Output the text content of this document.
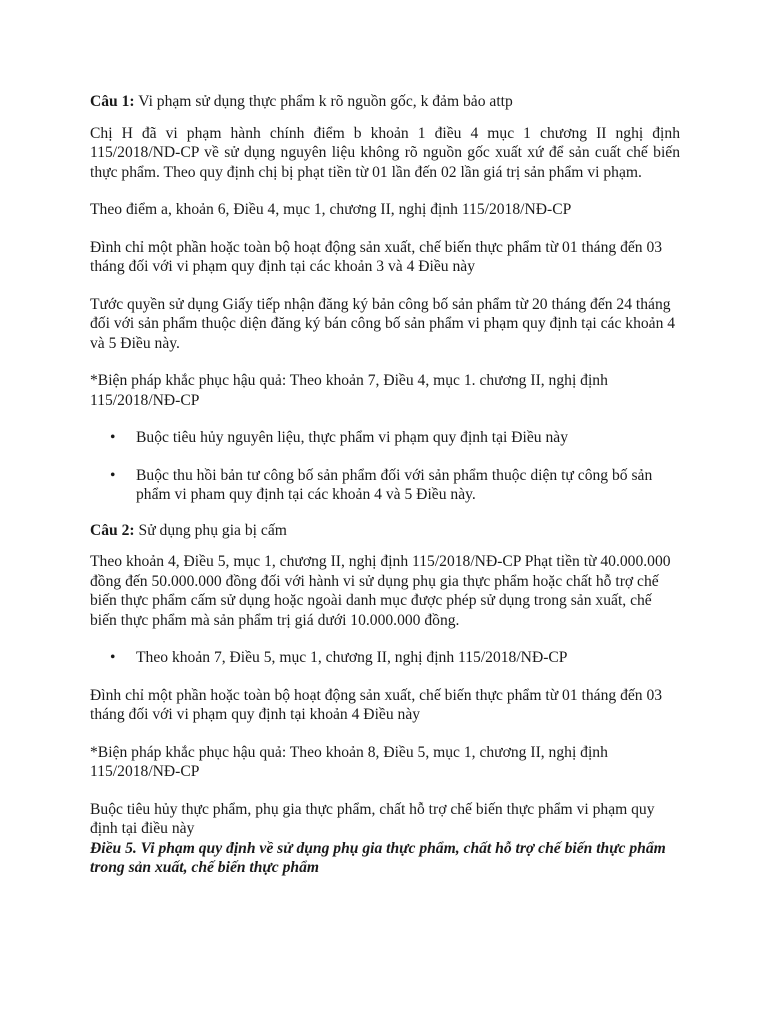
Câu 1: Vi phạm sử dụng thực phẩm k rõ nguồn gốc, k đảm bảo attp

Chị H đã vi phạm hành chính điểm b khoản 1 điều 4 mục 1 chương II nghị định 115/2018/ND-CP về sử dụng nguyên liệu không rõ nguồn gốc xuất xứ để sản cuất chế biến thực phẩm. Theo quy định chị bị phạt tiền từ 01 lần đến 02 lần giá trị sản phẩm vi phạm.

Theo điểm a, khoản 6, Điều 4, mục 1, chương II, nghị định 115/2018/NĐ-CP

Đình chỉ một phần hoặc toàn bộ hoạt động sản xuất, chế biến thực phẩm từ 01 tháng đến 03 tháng đối với vi phạm quy định tại các khoản 3 và 4 Điều này

Tước quyền sử dụng Giấy tiếp nhận đăng ký bản công bố sản phẩm từ 20 tháng đến 24 tháng đối với sản phẩm thuộc diện đăng ký bán công bố sản phẩm vi phạm quy định tại các khoản 4 và 5 Điều này.

*Biện pháp khắc phục hậu quả: Theo khoản 7, Điều 4, mục 1. chương II, nghị định 115/2018/NĐ-CP

• Buộc tiêu hủy nguyên liệu, thực phẩm vi phạm quy định tại Điều này
• Buộc thu hồi bản tư công bố sản phẩm đối với sản phẩm thuộc diện tự công bố sản phẩm vi pham quy định tại các khoản 4 và 5 Điều này.

Câu 2: Sử dụng phụ gia bị cấm

Theo khoản 4, Điều 5, mục 1, chương II, nghị định 115/2018/NĐ-CP Phạt tiền từ 40.000.000 đồng đến 50.000.000 đồng đối với hành vi sử dụng phụ gia thực phẩm hoặc chất hỗ trợ chế biến thực phẩm cấm sử dụng hoặc ngoài danh mục được phép sử dụng trong sản xuất, chế biến thực phẩm mà sản phẩm trị giá dưới 10.000.000 đồng.

• Theo khoản 7, Điều 5, mục 1, chương II, nghị định 115/2018/NĐ-CP

Đình chỉ một phần hoặc toàn bộ hoạt động sản xuất, chế biến thực phẩm từ 01 tháng đến 03 tháng đối với vi phạm quy định tại khoản 4 Điều này

*Biện pháp khắc phục hậu quả: Theo khoản 8, Điều 5, mục 1, chương II, nghị định 115/2018/NĐ-CP

Buộc tiêu hủy thực phẩm, phụ gia thực phẩm, chất hỗ trợ chế biến thực phẩm vi phạm quy định tại điều này

Điều 5. Vi phạm quy định về sử dụng phụ gia thực phẩm, chất hỗ trợ chế biến thực phẩm trong sản xuất, chế biến thực phẩm
